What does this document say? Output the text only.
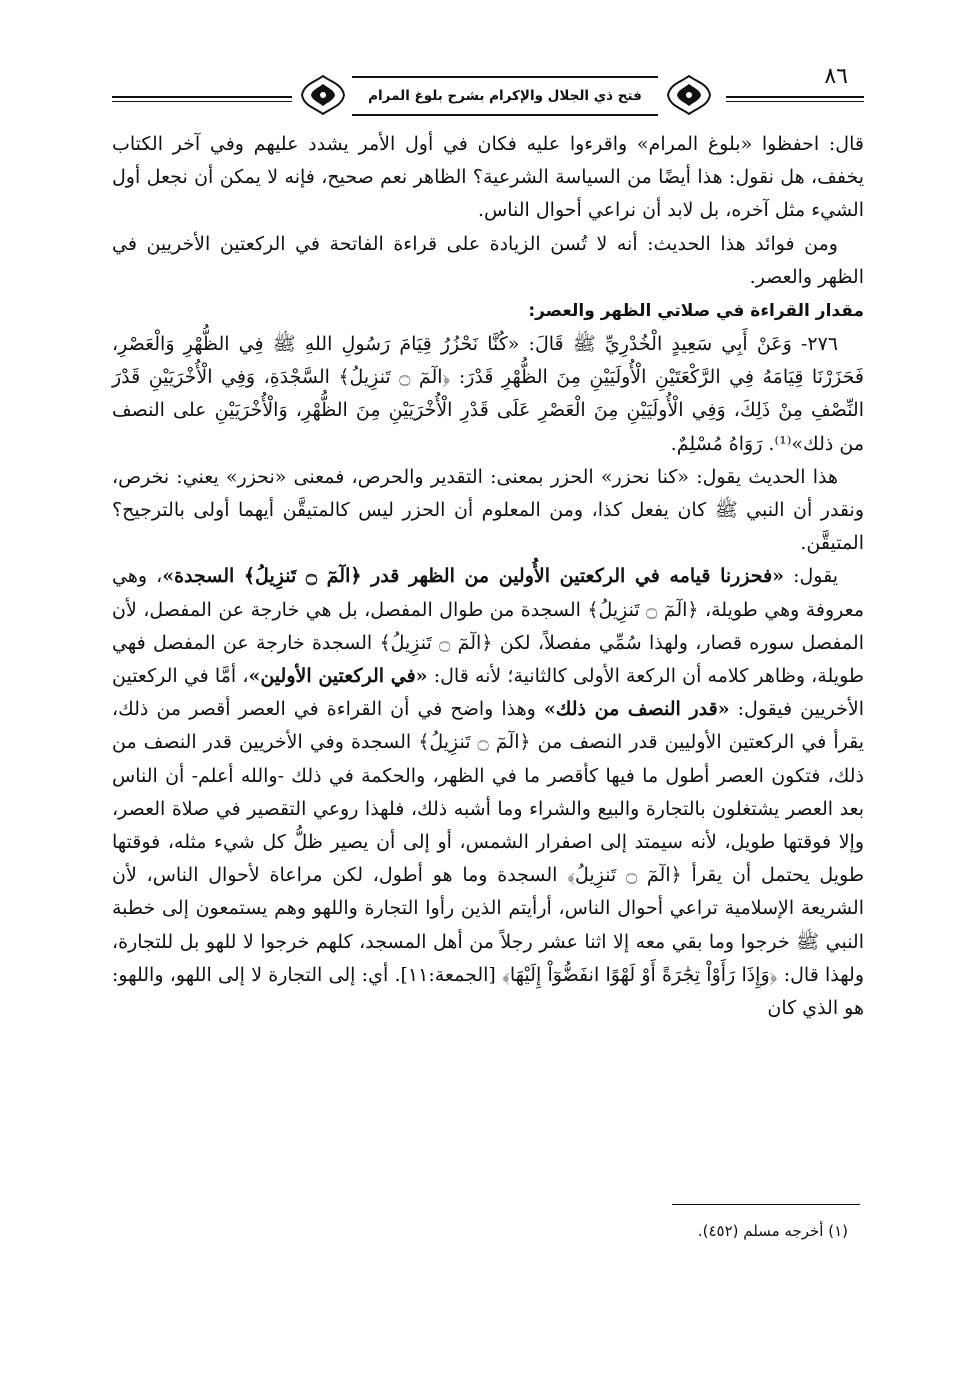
فتح ذي الجلال والإكرام بشرح بلوغ المرام
٨٦

قال: احفظوا «بلوغ المرام» واقرءوا عليه فكان في أول الأمر يشدد عليهم وفي آخر الكتاب يخفف، هل نقول: هذا أيضًا من السياسة الشرعية؟ الظاهر نعم صحيح، فإنه لا يمكن أن نجعل أول الشيء مثل آخره، بل لابد أن نراعي أحوال الناس.

ومن فوائد هذا الحديث: أنه لا تُسن الزيادة على قراءة الفاتحة في الركعتين الأخريين في الظهر والعصر.

مقدار القراءة في صلاتي الظهر والعصر:

٢٧٦- وَعَنْ أَبِي سَعِيدٍ الْخُدْرِيِّ ﷺ قَالَ: «كُنَّا نَحْزُرُ قِيَامَ رَسُولِ اللهِ ﷺ فِي الظُّهْرِ وَالْعَصْرِ، فَحَزَرْنَا قِيَامَهُ فِي الرَّكْعَتَيْنِ الْأُولَيَيْنِ مِنَ الظُّهْرِ قَدْرَ: ﴿الٓمٓ ۝ تَنزِيلُ﴾ السَّجْدَةِ، وَفِي الْأُخْرَيَيْنِ قَدْرَ النِّصْفِ مِنْ ذَلِكَ، وَفِي الْأُولَيَيْنِ مِنَ الْعَصْرِ عَلَى قَدْرِ الْأُخْرَيَيْنِ مِنَ الظُّهْرِ، وَالْأُخْرَيَيْنِ على النصف من ذلك»⁽¹⁾. رَوَاهُ مُسْلِمٌ.

هذا الحديث يقول: «كنا نحزر» الحزر بمعنى: التقدير والحرص، فمعنى «نحزر» يعني: نخرص، ونقدر أن النبي ﷺ كان يفعل كذا، ومن المعلوم أن الحزر ليس كالمتيقَّن أيهما أولى بالترجيح؟ المتيقَّن.

يقول: «فحزرنا قيامه في الركعتين الأُولين من الظهر قدر ﴿الٓمٓ ۝ تَنزِيلُ﴾ السجدة»، وهي معروفة وهي طويلة، ﴿الٓمٓ ۝ تَنزِيلُ﴾ السجدة من طوال المفصل، بل هي خارجة عن المفصل، لأن المفصل سوره قصار، ولهذا سُمِّي مفصلاً، لكن ﴿الٓمٓ ۝ تَنزِيلُ﴾ السجدة خارجة عن المفصل فهي طويلة، وظاهر كلامه أن الركعة الأولى كالثانية؛ لأنه قال: «في الركعتين الأولين»، أمَّا في الركعتين الأخريين فيقول: «قدر النصف من ذلك» وهذا واضح في أن القراءة في العصر أقصر من ذلك، يقرأ في الركعتين الأوليين قدر النصف من ﴿الٓمٓ ۝ تَنزِيلُ﴾ السجدة وفي الأخريين قدر النصف من ذلك، فتكون العصر أطول ما فيها كأقصر ما في الظهر، والحكمة في ذلك -والله أعلم- أن الناس بعد العصر يشتغلون بالتجارة والبيع والشراء وما أشبه ذلك، فلهذا روعي التقصير في صلاة العصر، وإلا فوقتها طويل، لأنه سيمتد إلى اصفرار الشمس، أو إلى أن يصير ظلُّ كل شيء مثله، فوقتها طويل يحتمل أن يقرأ ﴿الٓمٓ ۝ تَنزِيلُ﴾ السجدة وما هو أطول، لكن مراعاة لأحوال الناس، لأن الشريعة الإسلامية تراعي أحوال الناس، أرأيتم الذين رأوا التجارة واللهو وهم يستمعون إلى خطبة النبي ﷺ خرجوا وما بقي معه إلا اثنا عشر رجلاً من أهل المسجد، كلهم خرجوا لا للهو بل للتجارة، ولهذا قال: ﴿وَإِذَا رَأَوْاْ تِجَٰرَةً أَوْ لَهْوًا انفَضُّوٓاْ إِلَيْهَا﴾ [الجمعة:١١]. أي: إلى التجارة لا إلى اللهو، واللهو: هو الذي كان

(١) أخرجه مسلم (٤٥٢).
